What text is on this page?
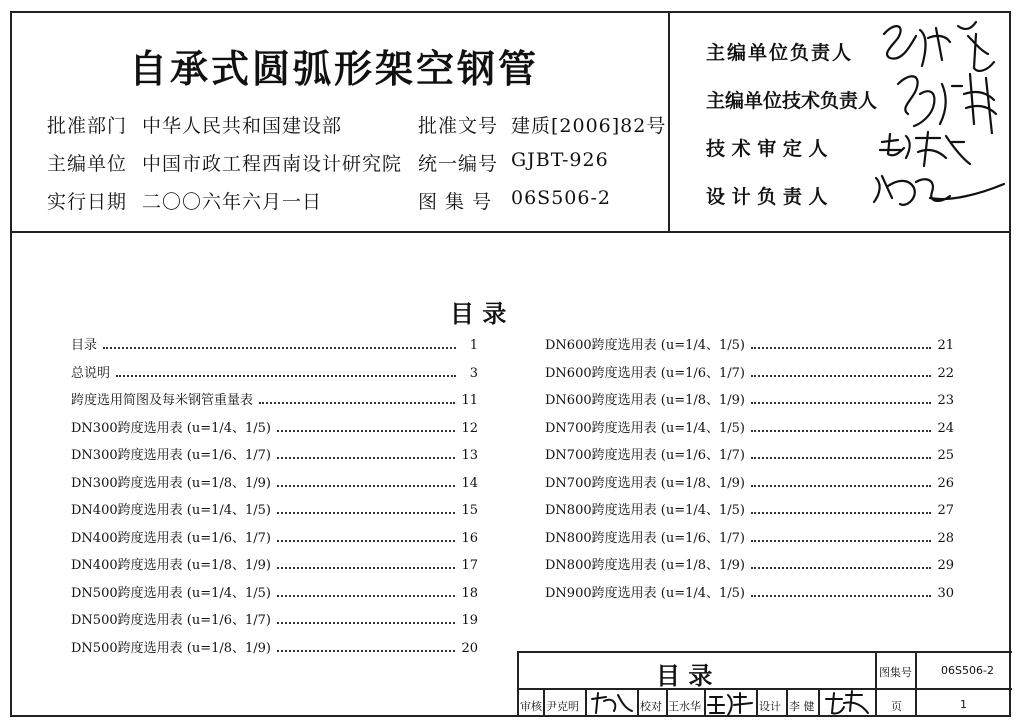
自承式圆弧形架空钢管
批准部门 中华人民共和国建设部	批准文号 建质[2006]82号
主编单位 中国市政工程西南设计研究院 统一编号 GJBT-926
实行日期 二〇〇六年六月一日	图 集 号 06S506-2
主编单位负责人
主编单位技术负责人
技 术 审 定 人
设 计 负 责 人
目 录
目录	1
总说明	3
跨度选用简图及每米钢管重量表	11
DN300跨度选用表 (u=1/4、1/5)	12
DN300跨度选用表 (u=1/6、1/7)	13
DN300跨度选用表 (u=1/8、1/9)	14
DN400跨度选用表 (u=1/4、1/5)	15
DN400跨度选用表 (u=1/6、1/7)	16
DN400跨度选用表 (u=1/8、1/9)	17
DN500跨度选用表 (u=1/4、1/5)	18
DN500跨度选用表 (u=1/6、1/7)	19
DN500跨度选用表 (u=1/8、1/9)	20
DN600跨度选用表 (u=1/4、1/5)	21
DN600跨度选用表 (u=1/6、1/7)	22
DN600跨度选用表 (u=1/8、1/9)	23
DN700跨度选用表 (u=1/4、1/5)	24
DN700跨度选用表 (u=1/6、1/7)	25
DN700跨度选用表 (u=1/8、1/9)	26
DN800跨度选用表 (u=1/4、1/5)	27
DN800跨度选用表 (u=1/6、1/7)	28
DN800跨度选用表 (u=1/8、1/9)	29
DN900跨度选用表 (u=1/4、1/5)	30
目 录	图集号	06S506-2
审核 尹克明	校对 王水华	设计 李 健	页	1
